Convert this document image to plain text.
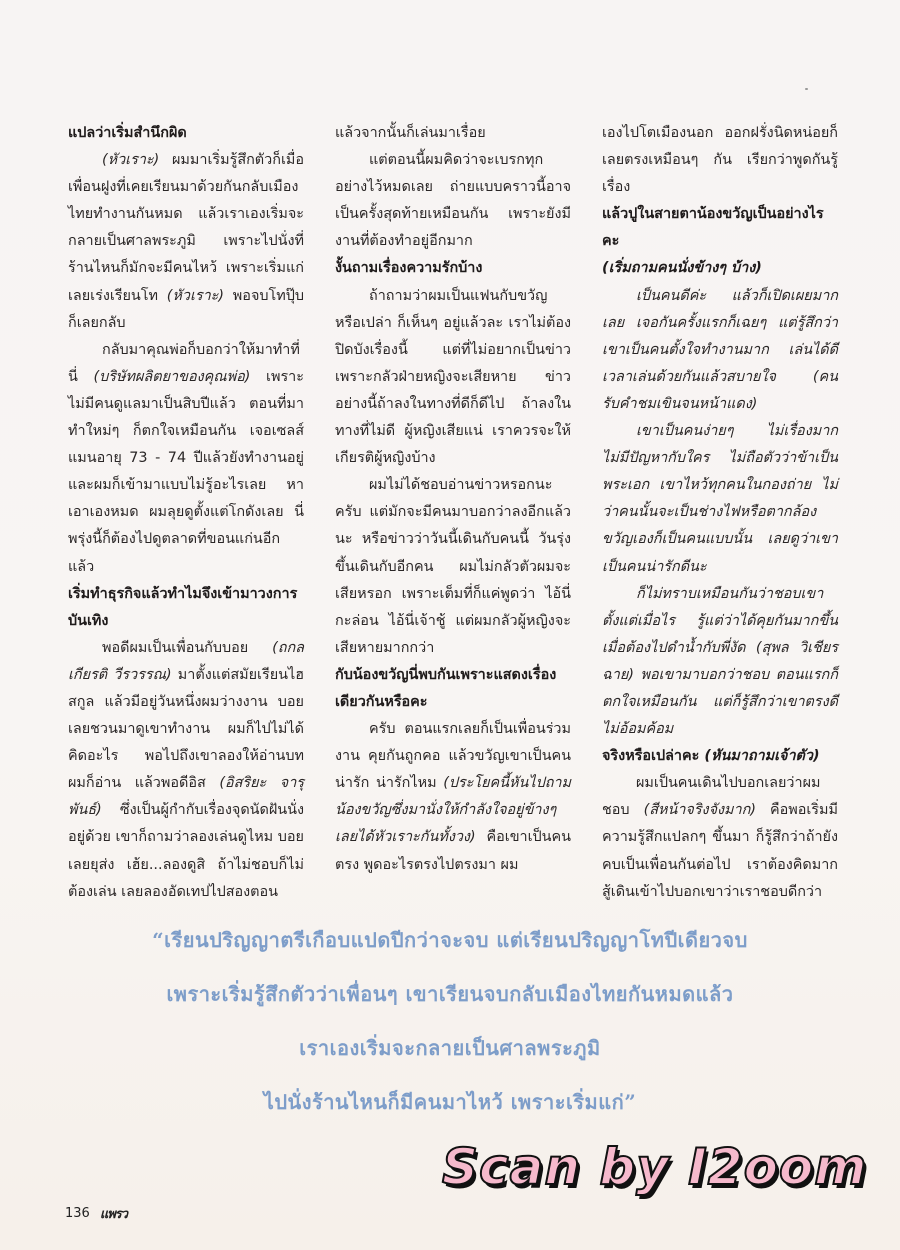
แปลว่าเริ่มสำนึกผิด

(หัวเราะ) ผมมาเริ่มรู้สึกตัวก็เมื่อเพื่อนฝูงที่เคยเรียนมาด้วยกันกลับเมืองไทยทำงานกันหมด แล้วเราเองเริ่มจะกลายเป็นศาลพระภูมิ เพราะไปนั่งที่ร้านไหนก็มักจะมีคนไหว้ เพราะเริ่มแก่ เลยเร่งเรียนโท (หัวเราะ) พอจบโทปุ๊บก็เลยกลับ

กลับมาคุณพ่อก็บอกว่าให้มาทำที่นี่ (บริษัทผลิตยาของคุณพ่อ) เพราะไม่มีคนดูแลมาเป็นสิบปีแล้ว ตอนที่มาทำใหม่ๆ ก็ตกใจเหมือนกัน เจอเซลส์แมนอายุ 73 - 74 ปีแล้วยังทำงานอยู่ และผมก็เข้ามาแบบไม่รู้อะไรเลย หาเอาเองหมด ผมลุยดูตั้งแต่โกดังเลย นี่พรุ่งนี้ก็ต้องไปดูตลาดที่ขอนแก่นอีกแล้ว

เริ่มทำธุรกิจแล้วทำไมจึงเข้ามาวงการบันเทิง

พอดีผมเป็นเพื่อนกับบอย (ถกลเกียรติ วีรวรรณ) มาตั้งแต่สมัยเรียนไฮสกูล แล้วมีอยู่วันหนึ่งผมว่างงาน บอยเลยชวนมาดูเขาทำงาน ผมก็ไปไม่ได้คิดอะไร พอไปถึงเขาลองให้อ่านบท ผมก็อ่าน แล้วพอดีอิส (อิสริยะ จารุพันธ์) ซึ่งเป็นผู้กำกับเรื่องจุดนัดฝันนั่งอยู่ด้วย เขาก็ถามว่าลองเล่นดูไหม บอยเลยยุส่ง เฮ้ย...ลองดูสิ ถ้าไม่ชอบก็ไม่ต้องเล่น เลยลองอัดเทปไปสองตอน

แล้วจากนั้นก็เล่นมาเรื่อย

แต่ตอนนี้ผมคิดว่าจะเบรกทุกอย่างไว้หมดเลย ถ่ายแบบคราวนี้อาจเป็นครั้งสุดท้ายเหมือนกัน เพราะยังมีงานที่ต้องทำอยู่อีกมาก

งั้นถามเรื่องความรักบ้าง

ถ้าถามว่าผมเป็นแฟนกับขวัญหรือเปล่า ก็เห็นๆ อยู่แล้วละ เราไม่ต้องปิดบังเรื่องนี้ แต่ที่ไม่อยากเป็นข่าวเพราะกลัวฝ่ายหญิงจะเสียหาย ข่าวอย่างนี้ถ้าลงในทางที่ดีก็ดีไป ถ้าลงในทางที่ไม่ดี ผู้หญิงเสียแน่ เราควรจะให้เกียรติผู้หญิงบ้าง

ผมไม่ได้ชอบอ่านข่าวหรอกนะครับ แต่มักจะมีคนมาบอกว่าลงอีกแล้วนะ หรือข่าวว่าวันนี้เดินกับคนนี้ วันรุ่งขึ้นเดินกับอีกคน ผมไม่กลัวตัวผมจะเสียหรอก เพราะเต็มที่ก็แค่พูดว่า ไอ้นี่กะล่อน ไอ้นี่เจ้าชู้ แต่ผมกลัวผู้หญิงจะเสียหายมากกว่า

กับน้องขวัญนี่พบกันเพราะแสดงเรื่องเดียวกันหรือคะ

ครับ ตอนแรกเลยก็เป็นเพื่อนร่วมงาน คุยกันถูกคอ แล้วขวัญเขาเป็นคนน่ารัก น่ารักไหม (ประโยคนี้หันไปถามน้องขวัญซึ่งมานั่งให้กำลังใจอยู่ข้างๆ เลยได้หัวเราะกันทั้งวง) คือเขาเป็นคนตรง พูดอะไรตรงไปตรงมา ผม

เองไปโตเมืองนอก ออกฝรั่งนิดหน่อยก็เลยตรงเหมือนๆ กัน เรียกว่าพูดกันรู้เรื่อง

แล้วปูในสายตาน้องขวัญเป็นอย่างไรคะ
(เริ่มถามคนนั่งข้างๆ บ้าง)

เป็นคนดีค่ะ แล้วก็เปิดเผยมากเลย เจอกันครั้งแรกก็เฉยๆ แต่รู้สึกว่าเขาเป็นคนตั้งใจทำงานมาก เล่นได้ดี เวลาเล่นด้วยกันแล้วสบายใจ (คนรับคำชมเขินจนหน้าแดง)

เขาเป็นคนง่ายๆ ไม่เรื่องมาก ไม่มีปัญหากับใคร ไม่ถือตัวว่าข้าเป็นพระเอก เขาไหว้ทุกคนในกองถ่าย ไม่ว่าคนนั้นจะเป็นช่างไฟหรือตากล้อง ขวัญเองก็เป็นคนแบบนั้น เลยดูว่าเขาเป็นคนน่ารักดีนะ

ก็ไม่ทราบเหมือนกันว่าชอบเขาตั้งแต่เมื่อไร รู้แต่ว่าได้คุยกันมากขึ้นเมื่อต้องไปดำน้ำกับพี่งัด (สุพล วิเชียรฉาย) พอเขามาบอกว่าชอบ ตอนแรกก็ตกใจเหมือนกัน แต่ก็รู้สึกว่าเขาตรงดีไม่อ้อมค้อม

จริงหรือเปล่าคะ (หันมาถามเจ้าตัว)

ผมเป็นคนเดินไปบอกเลยว่าผมชอบ (สีหน้าจริงจังมาก) คือพอเริ่มมีความรู้สึกแปลกๆ ขึ้นมา ก็รู้สึกว่าถ้ายังคบเป็นเพื่อนกันต่อไป เราต้องคิดมาก สู้เดินเข้าไปบอกเขาว่าเราชอบดีกว่า

“เรียนปริญญาตรีเกือบแปดปีกว่าจะจบ แต่เรียนปริญญาโทปีเดียวจบ
เพราะเริ่มรู้สึกตัวว่าเพื่อนๆ เขาเรียนจบกลับเมืองไทยกันหมดแล้ว
เราเองเริ่มจะกลายเป็นศาลพระภูมิ
ไปนั่งร้านไหนก็มีคนมาไหว้ เพราะเริ่มแก่”
Scan by I2oom
136 แพรว
